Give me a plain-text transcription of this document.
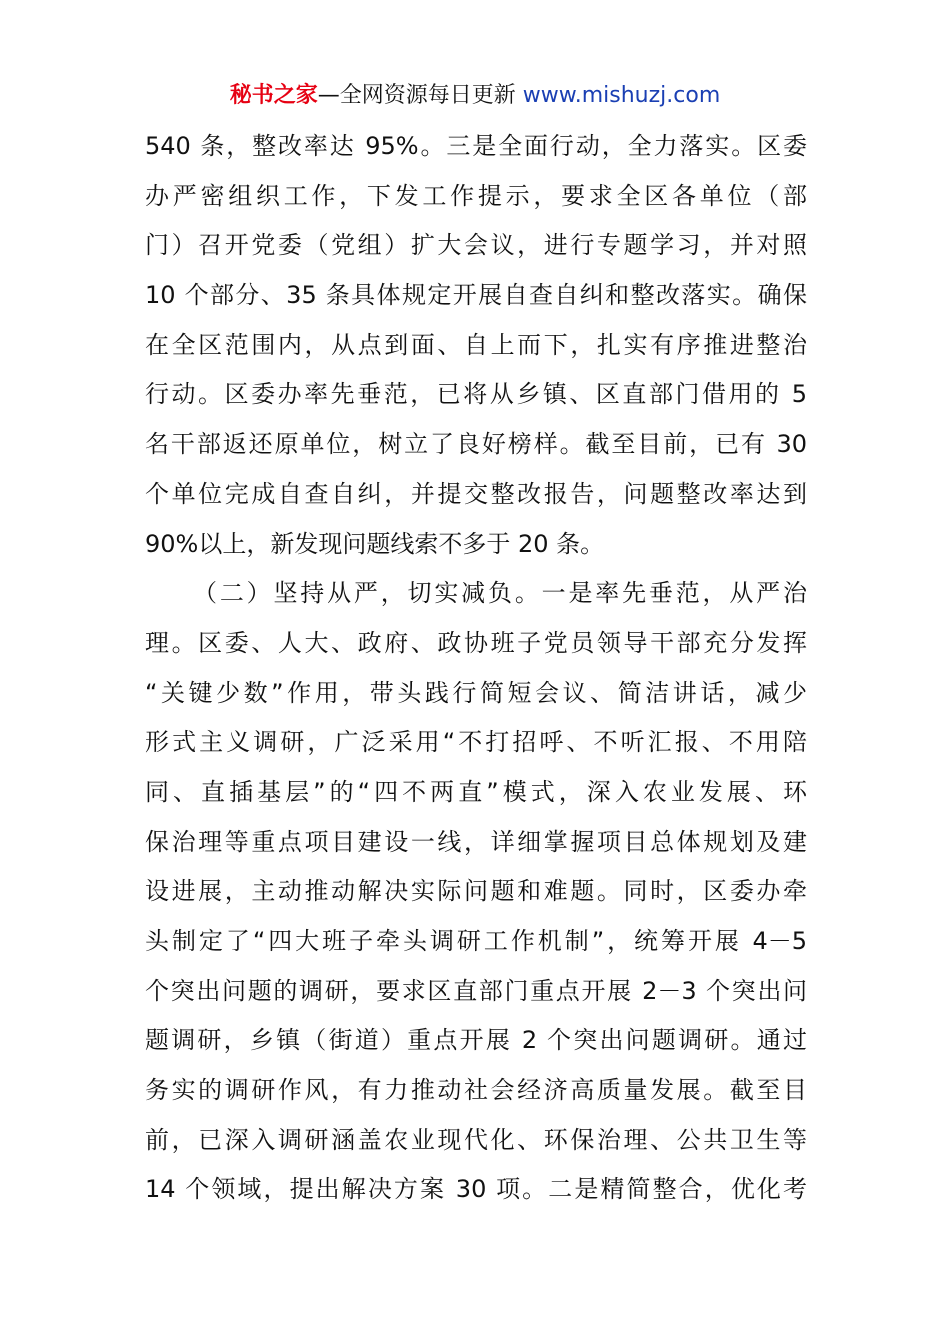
秘书之家—全网资源每日更新 www.mishuzj.com
540 条，整改率达 95%。三是全面行动，全力落实。区委
办严密组织工作，下发工作提示，要求全区各单位（部
门）召开党委（党组）扩大会议，进行专题学习，并对照
10 个部分、35 条具体规定开展自查自纠和整改落实。确保
在全区范围内，从点到面、自上而下，扎实有序推进整治
行动。区委办率先垂范，已将从乡镇、区直部门借用的 5
名干部返还原单位，树立了良好榜样。截至目前，已有 30
个单位完成自查自纠，并提交整改报告，问题整改率达到
90%以上，新发现问题线索不多于 20 条。
（二）坚持从严，切实减负。一是率先垂范，从严治
理。区委、人大、政府、政协班子党员领导干部充分发挥
“关键少数”作用，带头践行简短会议、简洁讲话，减少
形式主义调研，广泛采用“不打招呼、不听汇报、不用陪
同、直插基层”的“四不两直”模式，深入农业发展、环
保治理等重点项目建设一线，详细掌握项目总体规划及建
设进展，主动推动解决实际问题和难题。同时，区委办牵
头制定了“四大班子牵头调研工作机制”，统筹开展 4－5
个突出问题的调研，要求区直部门重点开展 2－3 个突出问
题调研，乡镇（街道）重点开展 2 个突出问题调研。通过
务实的调研作风，有力推动社会经济高质量发展。截至目
前，已深入调研涵盖农业现代化、环保治理、公共卫生等
14 个领域，提出解决方案 30 项。二是精简整合，优化考
